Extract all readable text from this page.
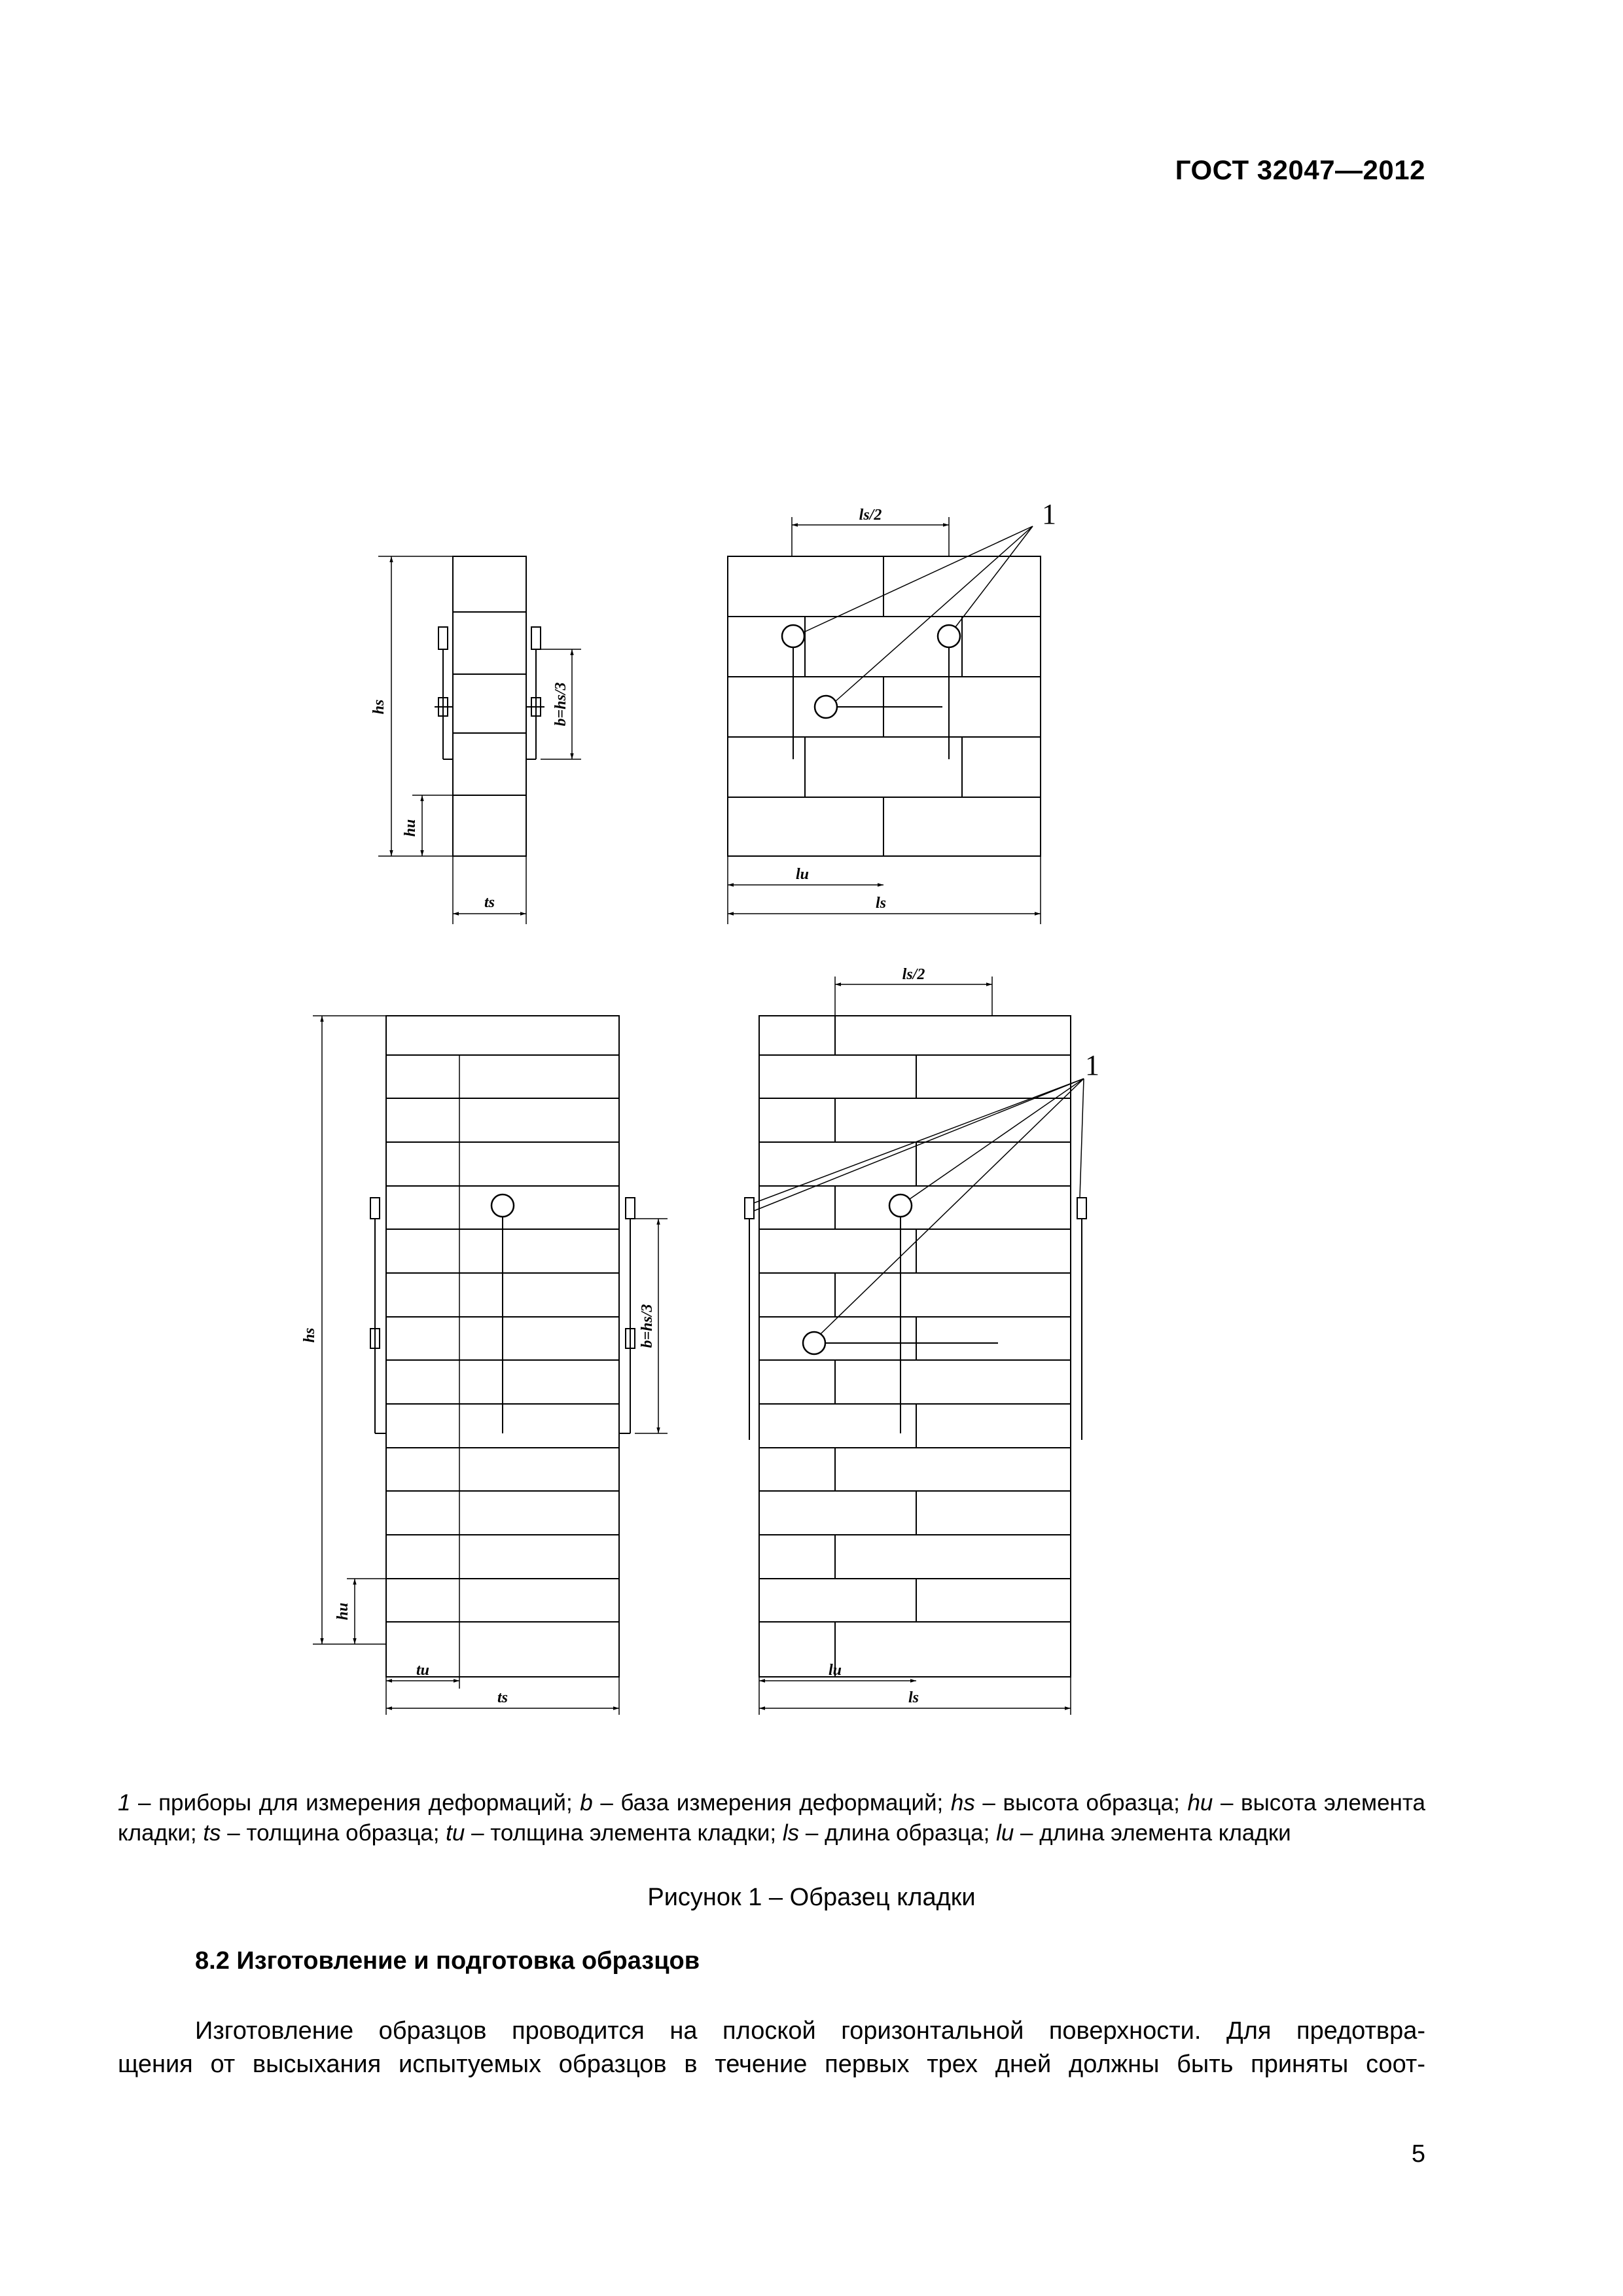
ГОСТ 32047—2012
hs
hu
b=hs/3
ts
1
ls/2
lu
ls
hs
hu
b=hs/3
tu
ts
1
ls/2
lu
ls
1 – приборы для измерения деформаций; b – база измерения деформаций; hs – высота образца; hu – высота элемента кладки; ts – толщина образца; tu – толщина элемента кладки; ls – длина образца; lu – длина элемента кладки
Рисунок 1 – Образец кладки
8.2 Изготовление и подготовка образцов
Изготовление образцов проводится на плоской горизонтальной поверхности. Для предотвра-
щения от высыхания испытуемых образцов в течение первых трех дней должны быть приняты соот-
5
